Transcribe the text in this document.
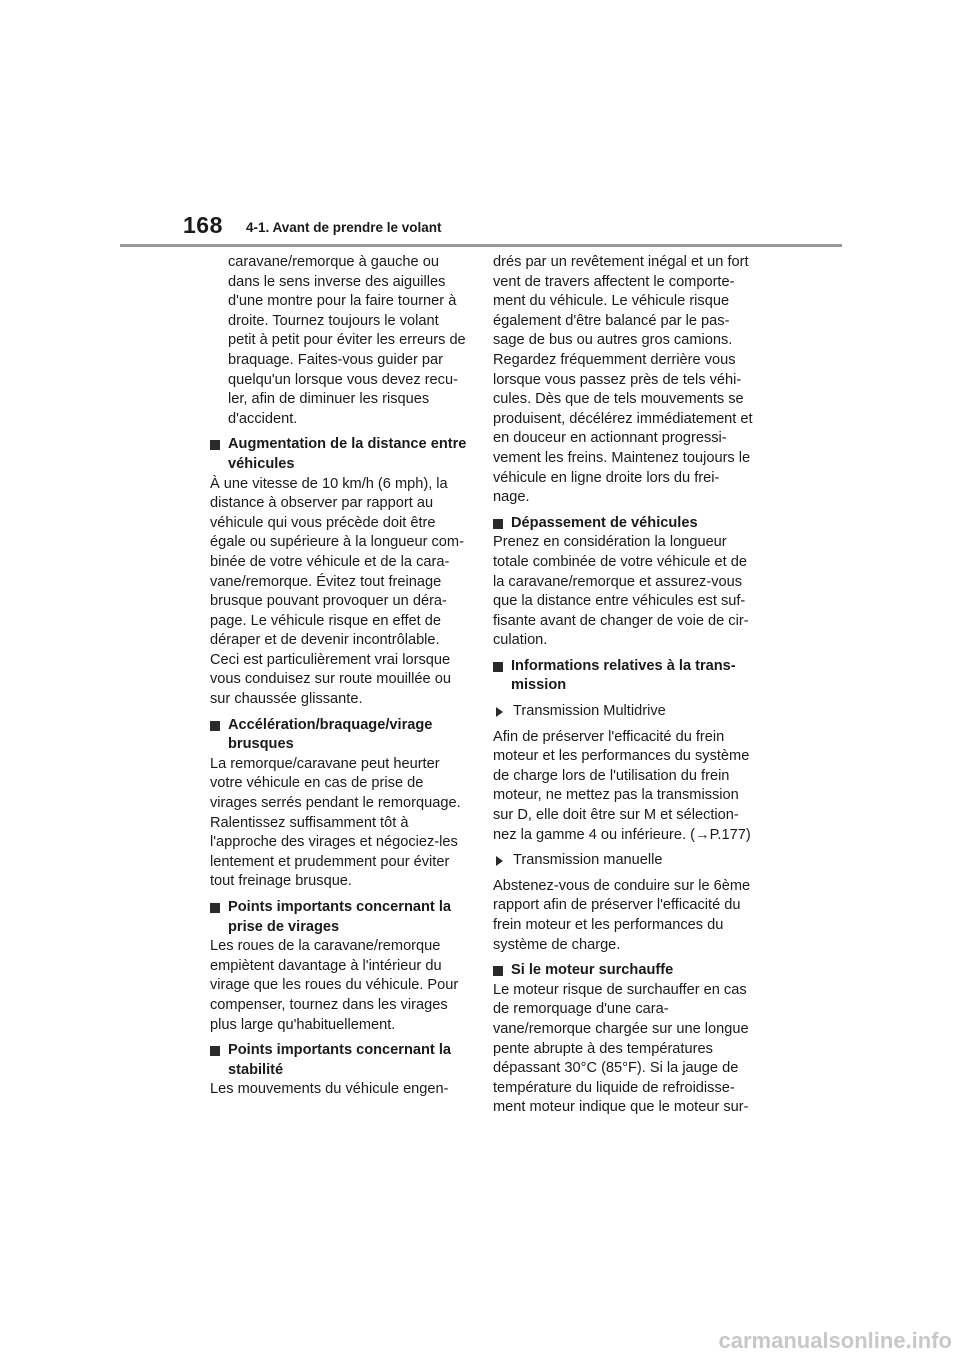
168 4-1. Avant de prendre le volant

caravane/remorque à gauche ou dans le sens inverse des aiguilles d'une montre pour la faire tourner à droite. Tournez toujours le volant petit à petit pour éviter les erreurs de braquage. Faites-vous guider par quelqu'un lorsque vous devez recu-ler, afin de diminuer les risques d'accident.

Augmentation de la distance entre véhicules

À une vitesse de 10 km/h (6 mph), la distance à observer par rapport au véhicule qui vous précède doit être égale ou supérieure à la longueur com-binée de votre véhicule et de la cara-vane/remorque. Évitez tout freinage brusque pouvant provoquer un déra-page. Le véhicule risque en effet de déraper et de devenir incontrôlable. Ceci est particulièrement vrai lorsque vous conduisez sur route mouillée ou sur chaussée glissante.

Accélération/braquage/virage brusques

La remorque/caravane peut heurter votre véhicule en cas de prise de virages serrés pendant le remorquage. Ralentissez suffisamment tôt à l'approche des virages et négociez-les lentement et prudemment pour éviter tout freinage brusque.

Points importants concernant la prise de virages

Les roues de la caravane/remorque empiètent davantage à l'intérieur du virage que les roues du véhicule. Pour compenser, tournez dans les virages plus large qu'habituellement.

Points importants concernant la stabilité

Les mouvements du véhicule engen-

drés par un revêtement inégal et un fort vent de travers affectent le comporte-ment du véhicule. Le véhicule risque également d'être balancé par le pas-sage de bus ou autres gros camions. Regardez fréquemment derrière vous lorsque vous passez près de tels véhi-cules. Dès que de tels mouvements se produisent, décélérez immédiatement et en douceur en actionnant progressi-vement les freins. Maintenez toujours le véhicule en ligne droite lors du frei-nage.

Dépassement de véhicules

Prenez en considération la longueur totale combinée de votre véhicule et de la caravane/remorque et assurez-vous que la distance entre véhicules est suf-fisante avant de changer de voie de cir-culation.

Informations relatives à la trans-mission
Transmission Multidrive

Afin de préserver l'efficacité du frein moteur et les performances du système de charge lors de l'utilisation du frein moteur, ne mettez pas la transmission sur D, elle doit être sur M et sélection-nez la gamme 4 ou inférieure. (→P.177)

Transmission manuelle

Abstenez-vous de conduire sur le 6ème rapport afin de préserver l'efficacité du frein moteur et les performances du système de charge.

Si le moteur surchauffe

Le moteur risque de surchauffer en cas de remorquage d'une cara-vane/remorque chargée sur une longue pente abrupte à des températures dépassant 30°C (85°F). Si la jauge de température du liquide de refroidisse-ment moteur indique que le moteur sur-

carmanualsonline.info
